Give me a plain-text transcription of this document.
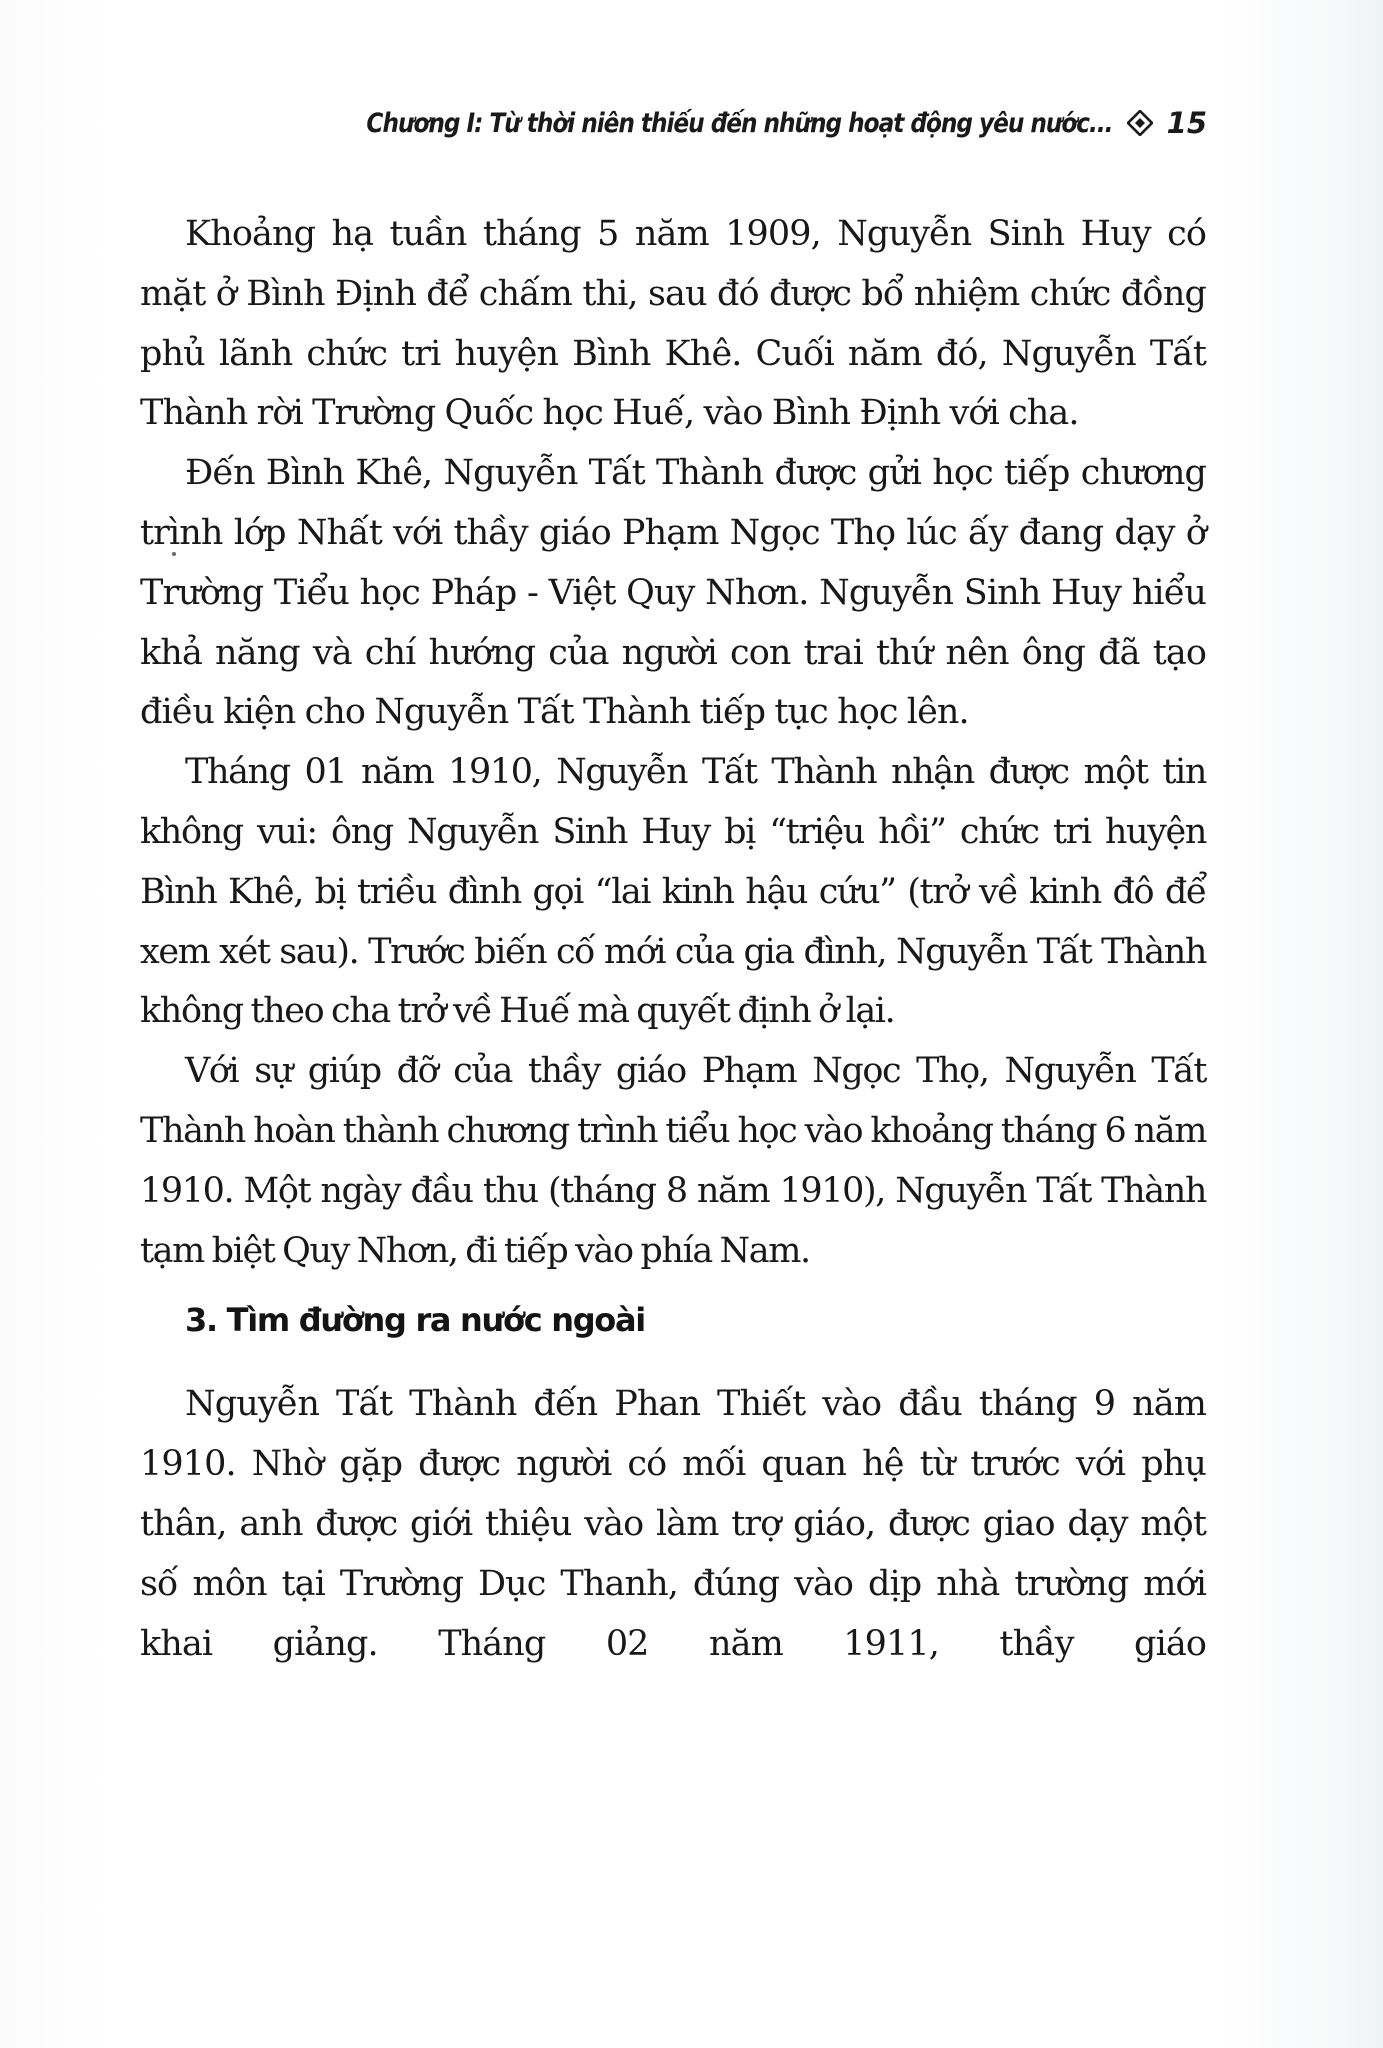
Chương I: Từ thời niên thiếu đến những hoạt động yêu nước... 15

Khoảng hạ tuần tháng 5 năm 1909, Nguyễn Sinh Huy có mặt ở Bình Định để chấm thi, sau đó được bổ nhiệm chức đồng phủ lãnh chức tri huyện Bình Khê. Cuối năm đó, Nguyễn Tất Thành rời Trường Quốc học Huế, vào Bình Định với cha.

Đến Bình Khê, Nguyễn Tất Thành được gửi học tiếp chương trình lớp Nhất với thầy giáo Phạm Ngọc Thọ lúc ấy đang dạy ở Trường Tiểu học Pháp - Việt Quy Nhơn. Nguyễn Sinh Huy hiểu khả năng và chí hướng của người con trai thứ nên ông đã tạo điều kiện cho Nguyễn Tất Thành tiếp tục học lên.

Tháng 01 năm 1910, Nguyễn Tất Thành nhận được một tin không vui: ông Nguyễn Sinh Huy bị “triệu hồi” chức tri huyện Bình Khê, bị triều đình gọi “lai kinh hậu cứu” (trở về kinh đô để xem xét sau). Trước biến cố mới của gia đình, Nguyễn Tất Thành không theo cha trở về Huế mà quyết định ở lại.

Với sự giúp đỡ của thầy giáo Phạm Ngọc Thọ, Nguyễn Tất Thành hoàn thành chương trình tiểu học vào khoảng tháng 6 năm 1910. Một ngày đầu thu (tháng 8 năm 1910), Nguyễn Tất Thành tạm biệt Quy Nhơn, đi tiếp vào phía Nam.

3. Tìm đường ra nước ngoài

Nguyễn Tất Thành đến Phan Thiết vào đầu tháng 9 năm 1910. Nhờ gặp được người có mối quan hệ từ trước với phụ thân, anh được giới thiệu vào làm trợ giáo, được giao dạy một số môn tại Trường Dục Thanh, đúng vào dịp nhà trường mới khai giảng. Tháng 02 năm 1911, thầy giáo
